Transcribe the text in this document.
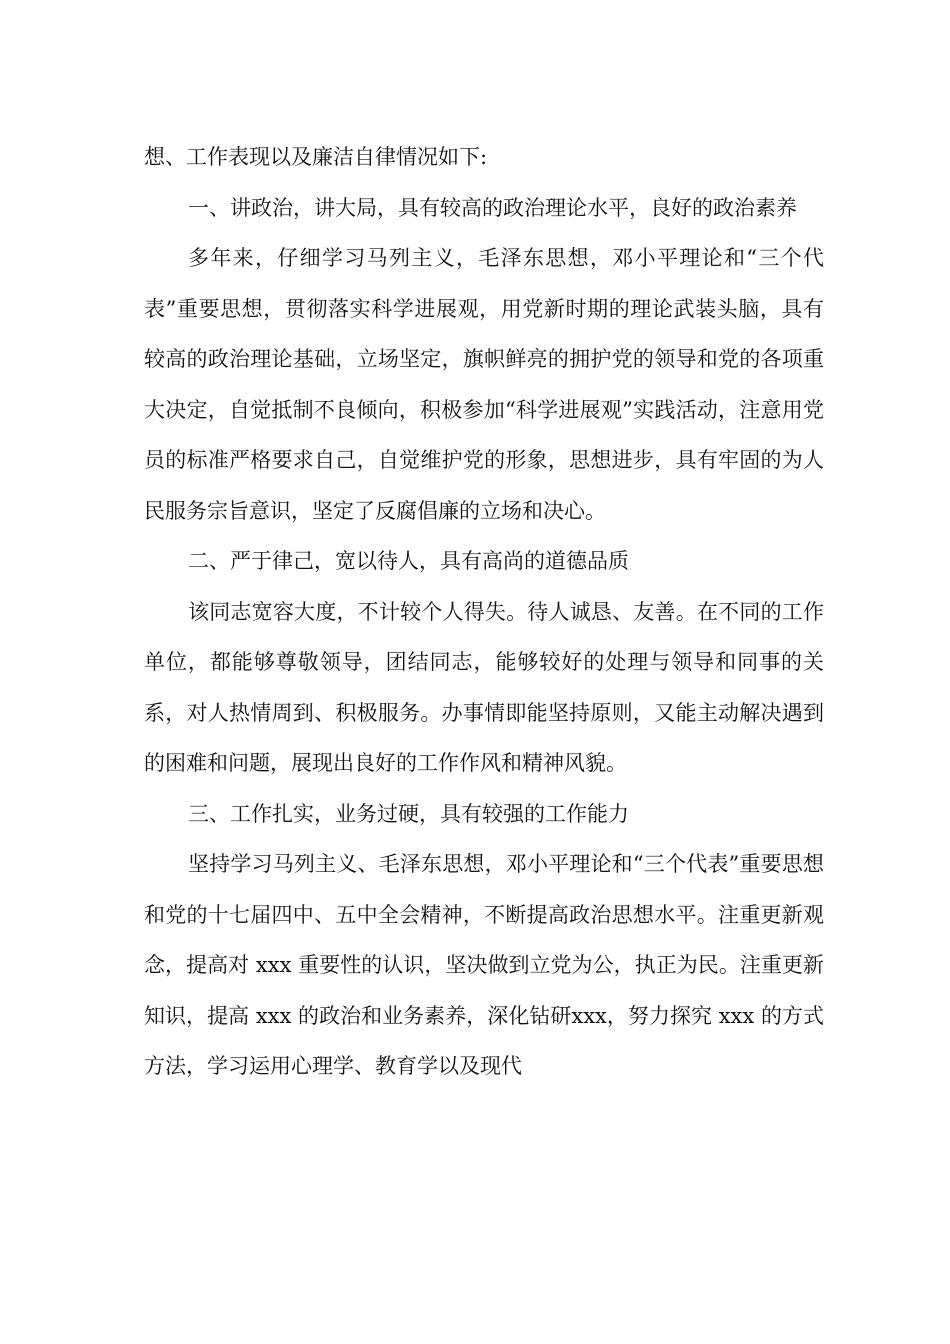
想、工作表现以及廉洁自律情况如下:

一、讲政治，讲大局，具有较高的政治理论水平，良好的政治素养

多年来，仔细学习马列主义，毛泽东思想，邓小平理论和“三个代表”重要思想，贯彻落实科学进展观，用党新时期的理论武装头脑，具有较高的政治理论基础，立场坚定，旗帜鲜亮的拥护党的领导和党的各项重大决定，自觉抵制不良倾向，积极参加“科学进展观”实践活动，注意用党员的标准严格要求自己，自觉维护党的形象，思想进步，具有牢固的为人民服务宗旨意识，坚定了反腐倡廉的立场和决心。

二、严于律己，宽以待人，具有高尚的道德品质

该同志宽容大度，不计较个人得失。待人诚恳、友善。在不同的工作单位，都能够尊敬领导，团结同志，能够较好的处理与领导和同事的关系，对人热情周到、积极服务。办事情即能坚持原则，又能主动解决遇到的困难和问题，展现出良好的工作作风和精神风貌。

三、工作扎实，业务过硬，具有较强的工作能力

坚持学习马列主义、毛泽东思想，邓小平理论和“三个代表”重要思想和党的十七届四中、五中全会精神，不断提高政治思想水平。注重更新观念，提高对 xxx 重要性的认识，坚决做到立党为公，执正为民。注重更新知识，提高 xxx 的政治和业务素养，深化钻研xxx，努力探究 xxx 的方式方法，学习运用心理学、教育学以及现代
